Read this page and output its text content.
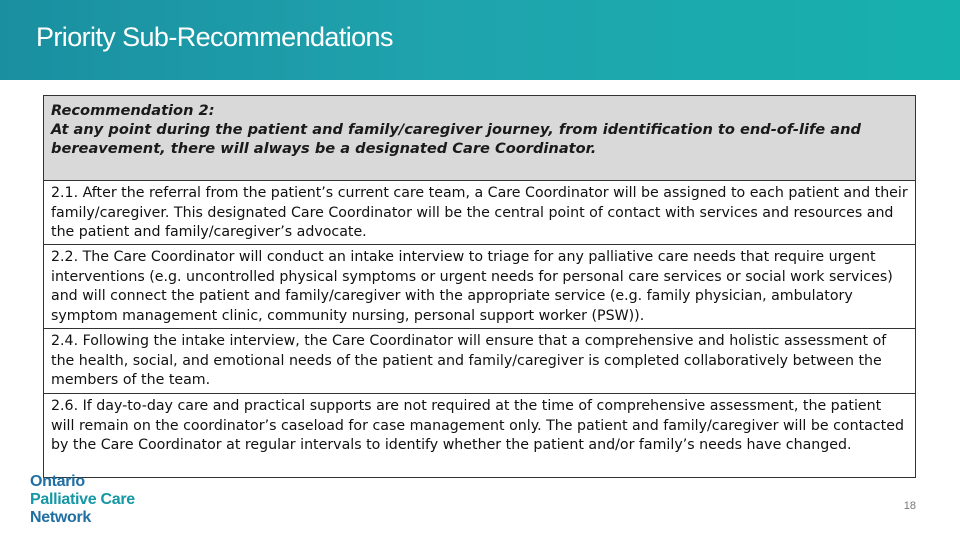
Priority Sub-Recommendations
Recommendation 2:
At any point during the patient and family/caregiver journey, from identification to end-of-life and bereavement, there will always be a designated Care Coordinator.
2.1. After the referral from the patient’s current care team, a Care Coordinator will be assigned to each patient and their family/caregiver. This designated Care Coordinator will be the central point of contact with services and resources and the patient and family/caregiver’s advocate.
2.2. The Care Coordinator will conduct an intake interview to triage for any palliative care needs that require urgent interventions (e.g. uncontrolled physical symptoms or urgent needs for personal care services or social work services) and will connect the patient and family/caregiver with the appropriate service (e.g. family physician, ambulatory symptom management clinic, community nursing, personal support worker (PSW)).
2.4. Following the intake interview, the Care Coordinator will ensure that a comprehensive and holistic assessment of the health, social, and emotional needs of the patient and family/caregiver is completed collaboratively between the members of the team.
2.6. If day-to-day care and practical supports are not required at the time of comprehensive assessment, the patient will remain on the coordinator’s caseload for case management only. The patient and family/caregiver will be contacted by the Care Coordinator at regular intervals to identify whether the patient and/or family’s needs have changed.
Ontario
Palliative Care
Network
18
